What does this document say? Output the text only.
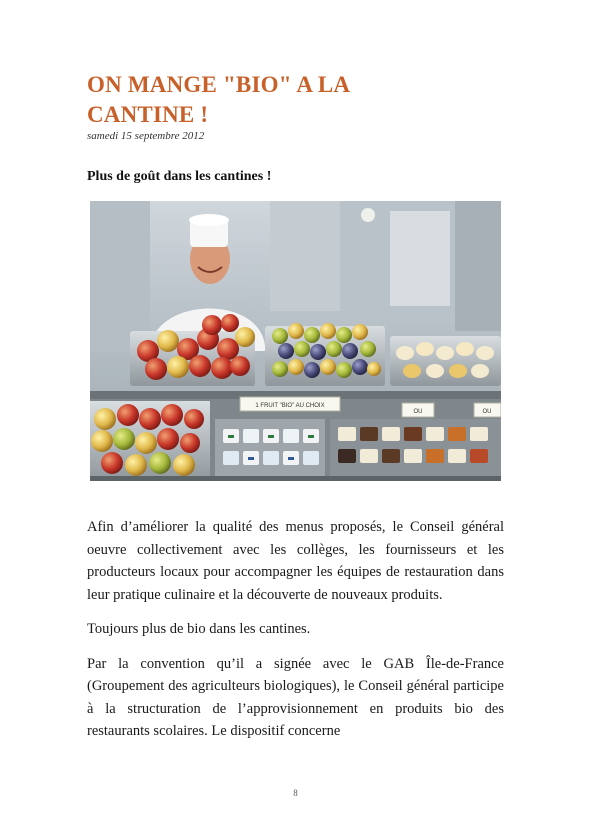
ON MANGE "BIO" A LA CANTINE !
samedi 15 septembre 2012
Plus de goût dans les cantines !
1 FRUIT "BIO" AU CHOIX
OU	OU

Afin d’améliorer la qualité des menus proposés, le Conseil général oeuvre collectivement avec les collèges, les fournisseurs et les producteurs locaux pour accompagner les équipes de restauration dans leur pratique culinaire et la découverte de nouveaux produits.

Toujours plus de bio dans les cantines.

Par la convention qu’il a signée avec le GAB Île-de-France (Groupement des agriculteurs biologiques), le Conseil général participe à la structuration de l’approvisionnement en produits bio des restaurants scolaires. Le dispositif concerne

8
